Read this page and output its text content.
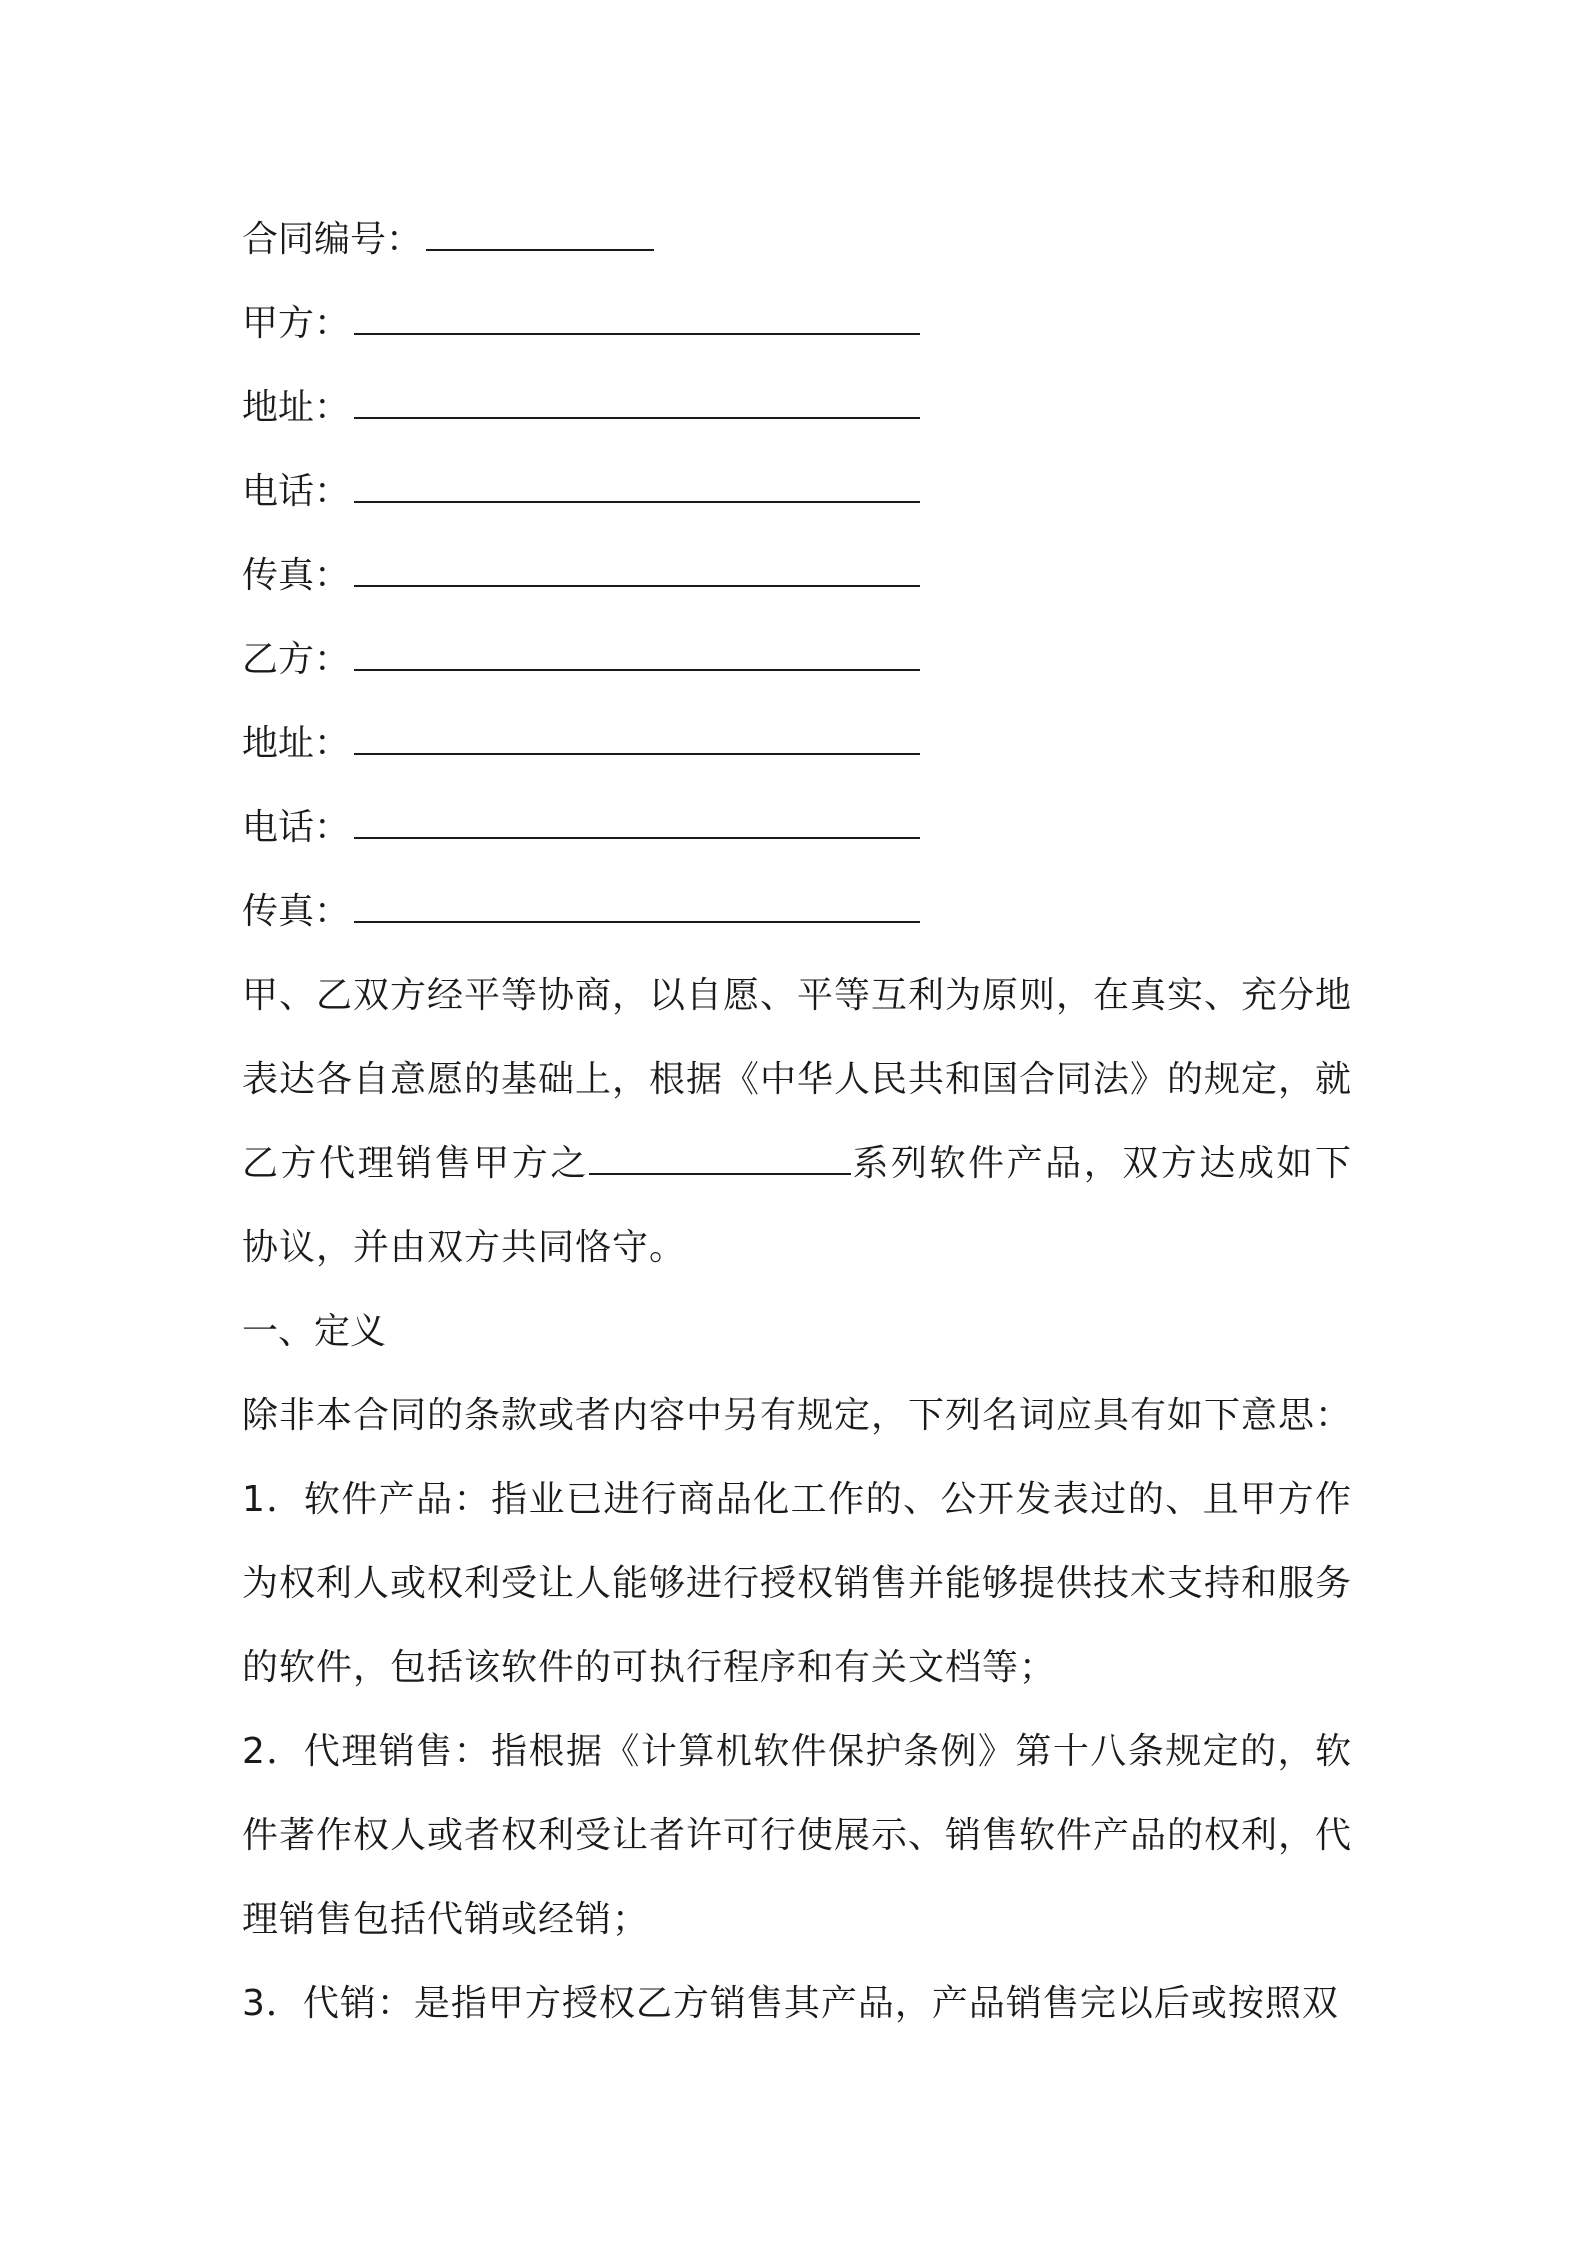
合同编号：
甲方：
地址：
电话：
传真：
乙方：
地址：
电话：
传真：

甲、乙双方经平等协商，以自愿、平等互利为原则，在真实、充分地表达各自意愿的基础上，根据《中华人民共和国合同法》的规定，就乙方代理销售甲方之	系列软件产品，双方达成如下协议，并由双方共同恪守。

一、定义

除非本合同的条款或者内容中另有规定，下列名词应具有如下意思：

1．软件产品：指业已进行商品化工作的、公开发表过的、且甲方作为权利人或权利受让人能够进行授权销售并能够提供技术支持和服务的软件，包括该软件的可执行程序和有关文档等；

2．代理销售：指根据《计算机软件保护条例》第十八条规定的，软件著作权人或者权利受让者许可行使展示、销售软件产品的权利，代理销售包括代销或经销；

3．代销：是指甲方授权乙方销售其产品，产品销售完以后或按照双
